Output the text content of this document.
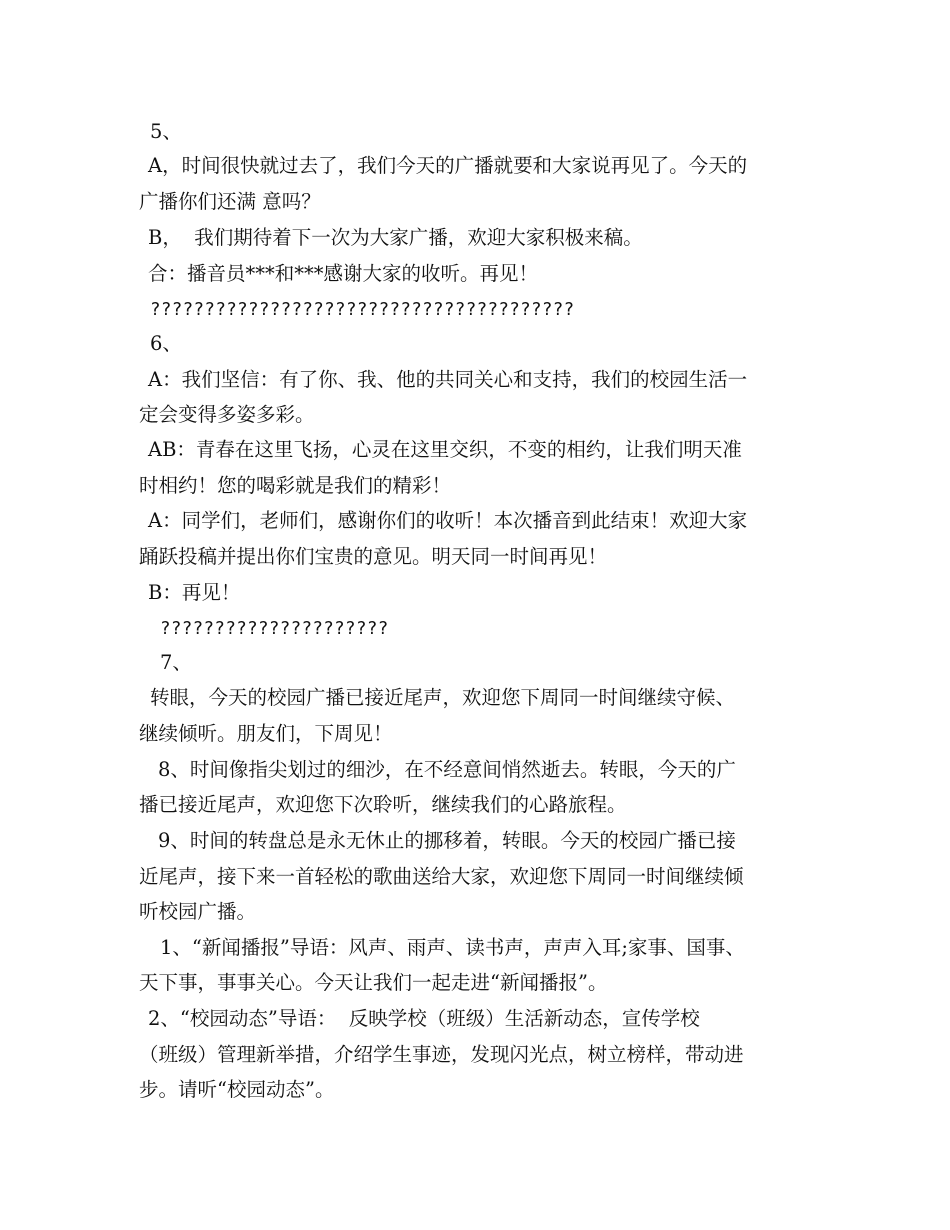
5、
A，时间很快就过去了，我们今天的广播就要和大家说再见了。今天的
广播你们还满 意吗？
B，  我们期待着下一次为大家广播，欢迎大家积极来稿。
合：播音员***和***感谢大家的收听。再见！
???????????????????????????????????????
6、
A：我们坚信：有了你、我、他的共同关心和支持，我们的校园生活一
定会变得多姿多彩。
AB：青春在这里飞扬，心灵在这里交织，不变的相约，让我们明天准
时相约！您的喝彩就是我们的精彩！
A：同学们，老师们，感谢你们的收听！本次播音到此结束！欢迎大家
踊跃投稿并提出你们宝贵的意见。明天同一时间再见！
B：再见！
?????????????????????
7、
转眼，今天的校园广播已接近尾声，欢迎您下周同一时间继续守候、
继续倾听。朋友们，下周见！
8、时间像指尖划过的细沙，在不经意间悄然逝去。转眼，今天的广
播已接近尾声，欢迎您下次聆听，继续我们的心路旅程。
9、时间的转盘总是永无休止的挪移着，转眼。今天的校园广播已接
近尾声，接下来一首轻松的歌曲送给大家，欢迎您下周同一时间继续倾
听校园广播。
1、“新闻播报”导语：风声、雨声、读书声，声声入耳;家事、国事、
天下事，事事关心。今天让我们一起走进“新闻播报”。
2、“校园动态”导语：  反映学校（班级）生活新动态，宣传学校
（班级）管理新举措，介绍学生事迹，发现闪光点，树立榜样，带动进
步。请听“校园动态”。
